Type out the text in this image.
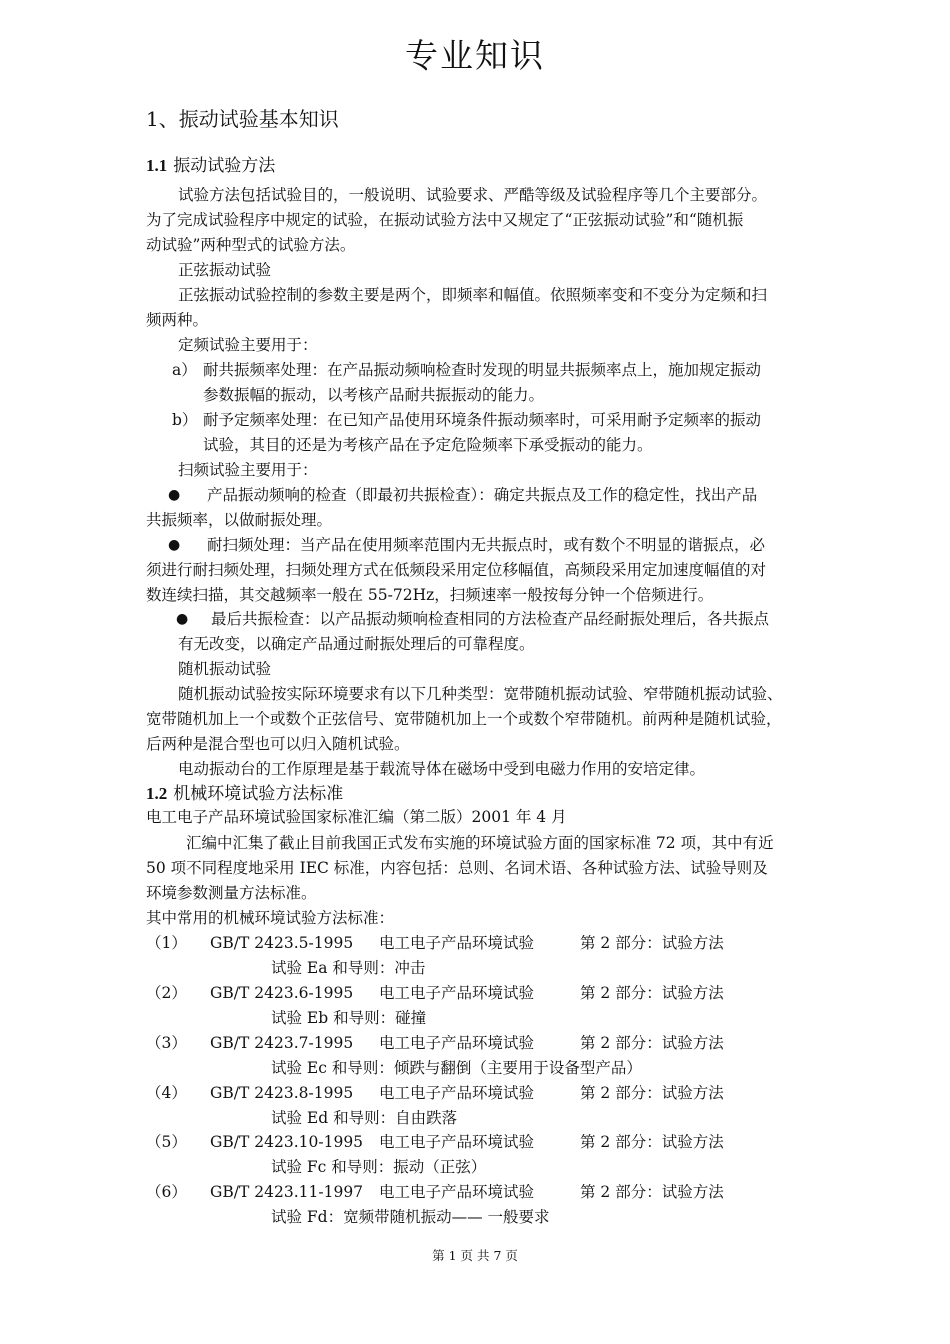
专业知识
1、振动试验基本知识
1.1 振动试验方法
试验方法包括试验目的，一般说明、试验要求、严酷等级及试验程序等几个主要部分。
为了完成试验程序中规定的试验，在振动试验方法中又规定了“正弦振动试验”和“随机振
动试验”两种型式的试验方法。
正弦振动试验
正弦振动试验控制的参数主要是两个，即频率和幅值。依照频率变和不变分为定频和扫
频两种。
定频试验主要用于：
a） 耐共振频率处理：在产品振动频响检查时发现的明显共振频率点上，施加规定振动
参数振幅的振动，以考核产品耐共振振动的能力。
b） 耐予定频率处理：在已知产品使用环境条件振动频率时，可采用耐予定频率的振动
试验，其目的还是为考核产品在予定危险频率下承受振动的能力。
扫频试验主要用于：
● 产品振动频响的检查（即最初共振检查）：确定共振点及工作的稳定性，找出产品
共振频率，以做耐振处理。
● 耐扫频处理：当产品在使用频率范围内无共振点时，或有数个不明显的谐振点，必
须进行耐扫频处理，扫频处理方式在低频段采用定位移幅值，高频段采用定加速度幅值的对
数连续扫描，其交越频率一般在 55-72Hz，扫频速率一般按每分钟一个倍频进行。
● 最后共振检查：以产品振动频响检查相同的方法检查产品经耐振处理后，各共振点
有无改变，以确定产品通过耐振处理后的可靠程度。
随机振动试验
随机振动试验按实际环境要求有以下几种类型：宽带随机振动试验、窄带随机振动试验、
宽带随机加上一个或数个正弦信号、宽带随机加上一个或数个窄带随机。前两种是随机试验，
后两种是混合型也可以归入随机试验。
电动振动台的工作原理是基于载流导体在磁场中受到电磁力作用的安培定律。
1.2 机械环境试验方法标准
电工电子产品环境试验国家标准汇编（第二版）2001 年 4 月
汇编中汇集了截止目前我国正式发布实施的环境试验方面的国家标准 72 项，其中有近
50 项不同程度地采用 IEC 标准，内容包括：总则、名词术语、各种试验方法、试验导则及
环境参数测量方法标准。
其中常用的机械环境试验方法标准：
（1） GB/T 2423.5-1995 电工电子产品环境试验	第 2 部分：试验方法
试验 Ea 和导则：冲击
（2） GB/T 2423.6-1995 电工电子产品环境试验	第 2 部分：试验方法
试验 Eb 和导则：碰撞
（3） GB/T 2423.7-1995 电工电子产品环境试验	第 2 部分：试验方法
试验 Ec 和导则：倾跌与翻倒（主要用于设备型产品）
（4） GB/T 2423.8-1995 电工电子产品环境试验	第 2 部分：试验方法
试验 Ed 和导则：自由跌落
（5） GB/T 2423.10-1995 电工电子产品环境试验	第 2 部分：试验方法
试验 Fc 和导则：振动（正弦）
（6） GB/T 2423.11-1997 电工电子产品环境试验	第 2 部分：试验方法
试验 Fd：宽频带随机振动—— 一般要求
第 1 页 共 7 页
